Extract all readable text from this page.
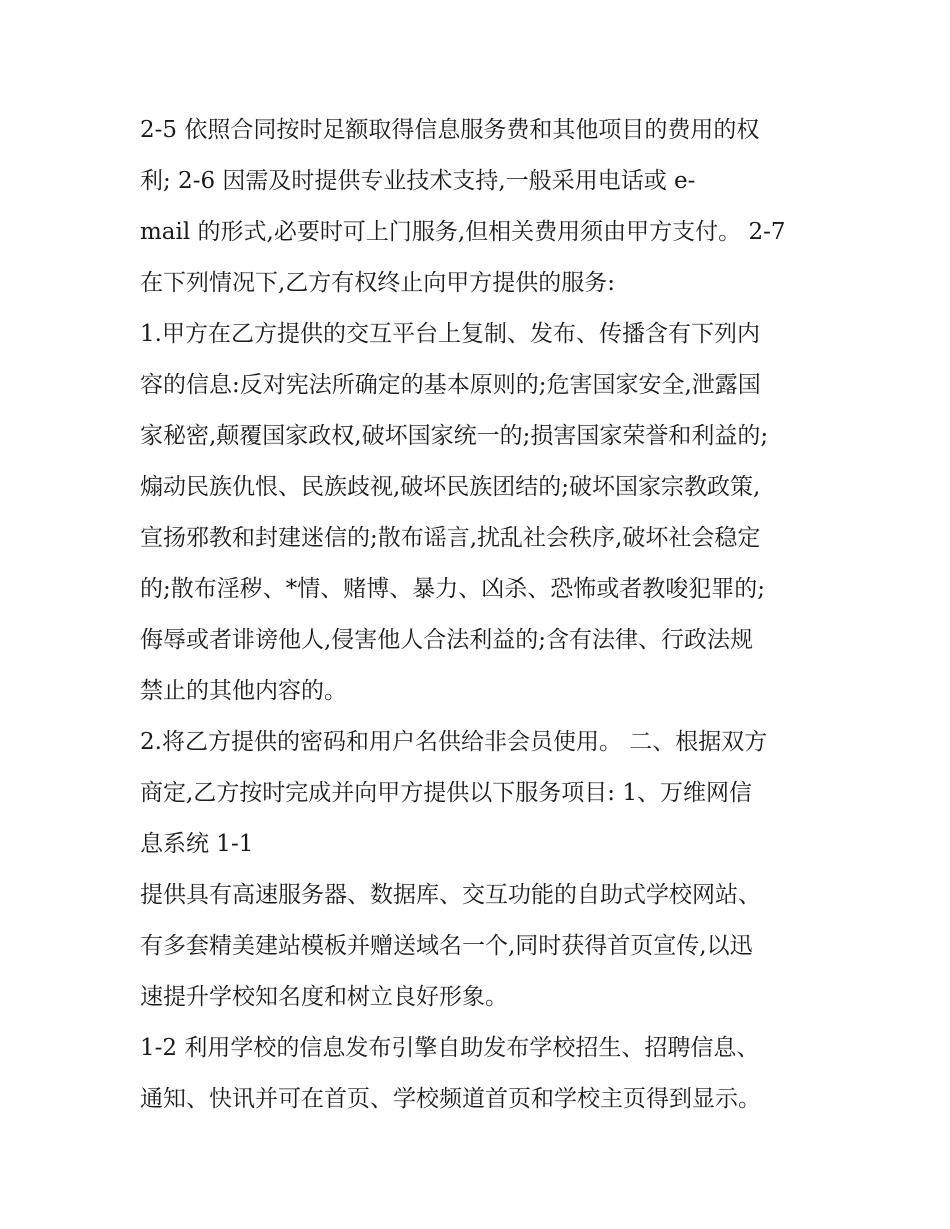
2-5 依照合同按时足额取得信息服务费和其他项目的费用的权
利; 2-6 因需及时提供专业技术支持,一般采用电话或 e-
mail 的形式,必要时可上门服务,但相关费用须由甲方支付。 2-7
在下列情况下,乙方有权终止向甲方提供的服务:
1.甲方在乙方提供的交互平台上复制、发布、传播含有下列内
容的信息:反对宪法所确定的基本原则的;危害国家安全,泄露国
家秘密,颠覆国家政权,破坏国家统一的;损害国家荣誉和利益的;
煽动民族仇恨、民族歧视,破坏民族团结的;破坏国家宗教政策,
宣扬邪教和封建迷信的;散布谣言,扰乱社会秩序,破坏社会稳定
的;散布淫秽、*情、赌博、暴力、凶杀、恐怖或者教唆犯罪的;
侮辱或者诽谤他人,侵害他人合法利益的;含有法律、行政法规
禁止的其他内容的。
2.将乙方提供的密码和用户名供给非会员使用。 二、根据双方
商定,乙方按时完成并向甲方提供以下服务项目: 1、万维网信
息系统 1-1
提供具有高速服务器、数据库、交互功能的自助式学校网站、
有多套精美建站模板并赠送域名一个,同时获得首页宣传,以迅
速提升学校知名度和树立良好形象。
1-2 利用学校的信息发布引擎自助发布学校招生、招聘信息、
通知、快讯并可在首页、学校频道首页和学校主页得到显示。
